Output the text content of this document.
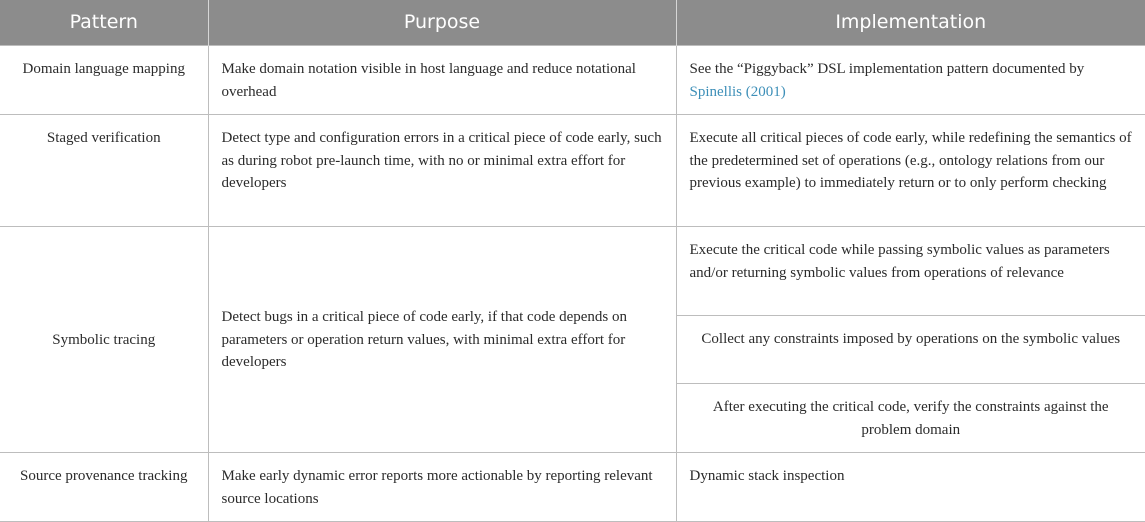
Pattern	Purpose	Implementation
Domain language mapping	Make domain notation visible in host language and reduce notational overhead	See the “Piggyback” DSL implementation pattern documented by Spinellis (2001)
Staged verification	Detect type and configuration errors in a critical piece of code early, such as during robot pre-launch time, with no or minimal extra effort for developers	Execute all critical pieces of code early, while redefining the semantics of the predetermined set of operations (e.g., ontology relations from our previous example) to immediately return or to only perform checking
Symbolic tracing	Detect bugs in a critical piece of code early, if that code depends on parameters or operation return values, with minimal extra effort for developers	Execute the critical code while passing symbolic values as parameters and/or returning symbolic values from operations of relevance
		Collect any constraints imposed by operations on the symbolic values
		After executing the critical code, verify the constraints against the problem domain
Source provenance tracking	Make early dynamic error reports more actionable by reporting relevant source locations	Dynamic stack inspection
